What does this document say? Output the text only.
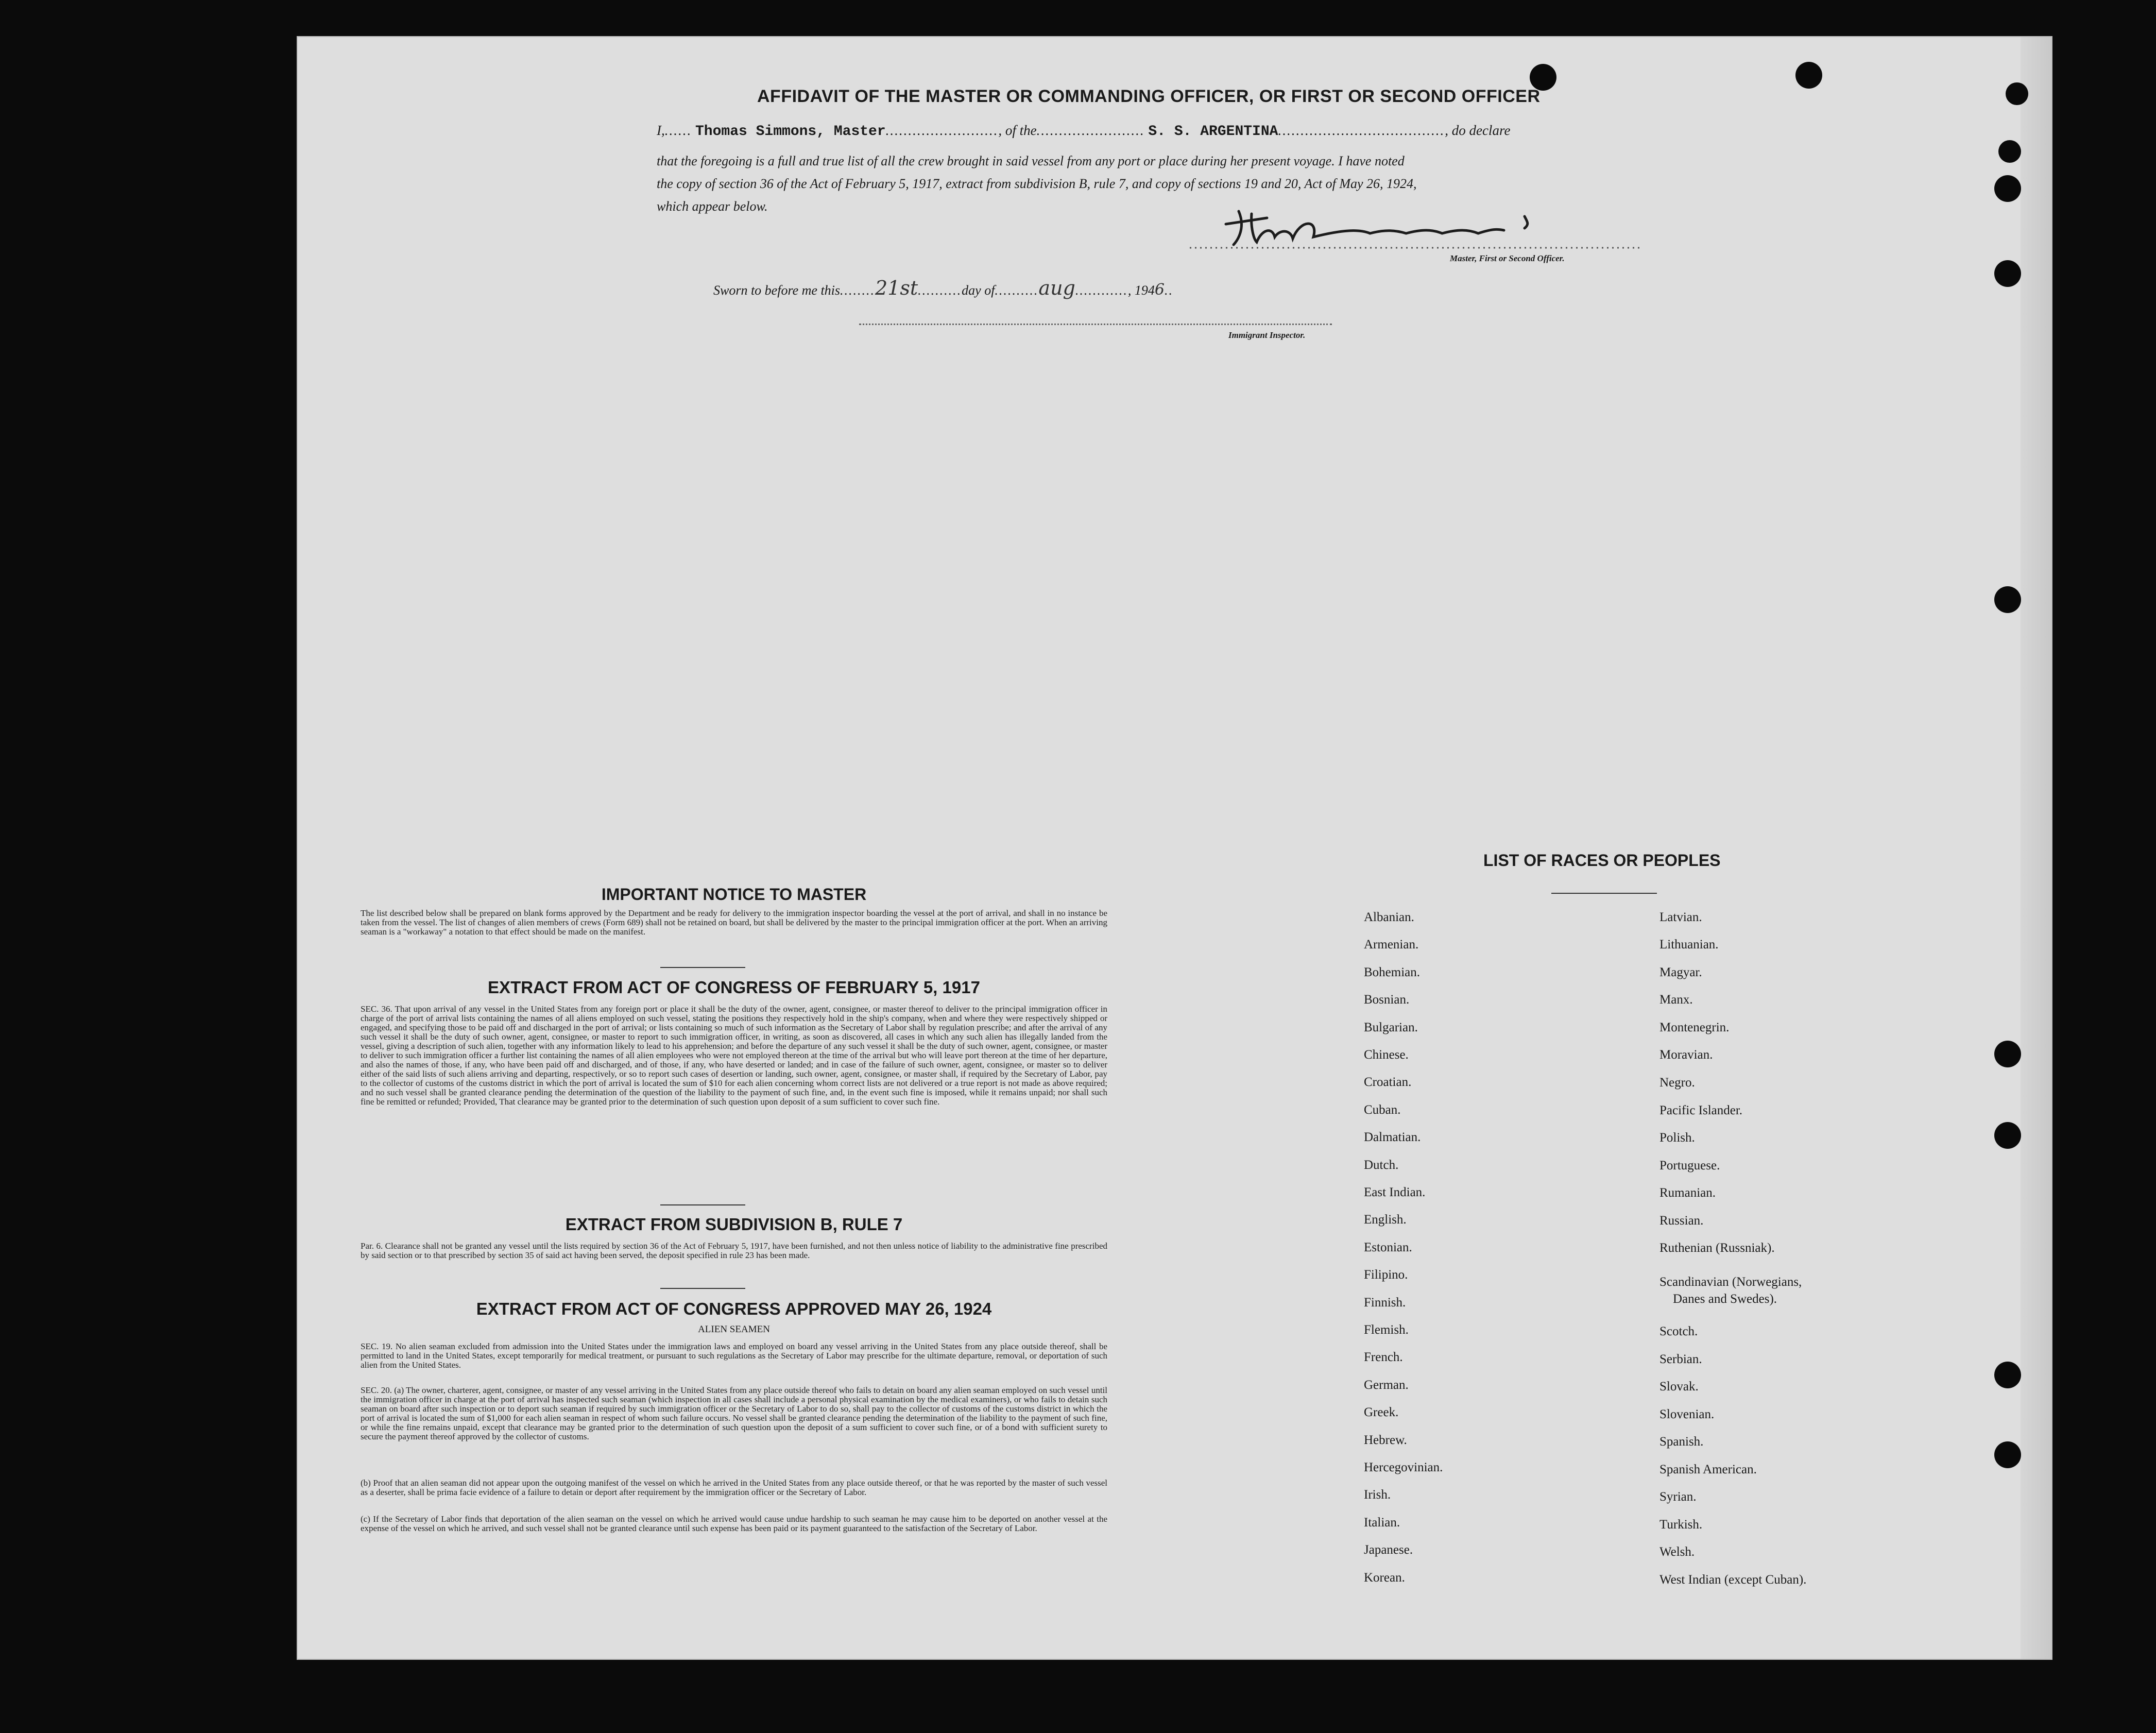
AFFIDAVIT OF THE MASTER OR COMMANDING OFFICER, OR FIRST OR SECOND OFFICER
I,...... Thomas Simmons, Master........................., of the........................ S. S. ARGENTINA....................................., do declare
that the foregoing is a full and true list of all the crew brought in said vessel from any port or place during her present voyage. I have noted
the copy of section 36 of the Act of February 5, 1917, extract from subdivision B, rule 7, and copy of sections 19 and 20, Act of May 26, 1924,
which appear below.
Master, First or Second Officer.
Sworn to before me this........21st..........day of..........aug............, 1946..
Immigrant Inspector.
IMPORTANT NOTICE TO MASTER
The list described below shall be prepared on blank forms approved by the Department and be ready for delivery to the immigration inspector boarding the vessel at the port of arrival, and shall in no instance be taken from the vessel. The list of changes of alien members of crews (Form 689) shall not be retained on board, but shall be delivered by the master to the principal immigration officer at the port. When an arriving seaman is a "workaway" a notation to that effect should be made on the manifest.
EXTRACT FROM ACT OF CONGRESS OF FEBRUARY 5, 1917
SEC. 36. That upon arrival of any vessel in the United States from any foreign port or place it shall be the duty of the owner, agent, consignee, or master thereof to deliver to the principal immigration officer in charge of the port of arrival lists containing the names of all aliens employed on such vessel, stating the positions they respectively hold in the ship's company, when and where they were respectively shipped or engaged, and specifying those to be paid off and discharged in the port of arrival; or lists containing so much of such information as the Secretary of Labor shall by regulation prescribe; and after the arrival of any such vessel it shall be the duty of such owner, agent, consignee, or master to report to such immigration officer, in writing, as soon as discovered, all cases in which any such alien has illegally landed from the vessel, giving a description of such alien, together with any information likely to lead to his apprehension; and before the departure of any such vessel it shall be the duty of such owner, agent, consignee, or master to deliver to such immigration officer a further list containing the names of all alien employees who were not employed thereon at the time of the arrival but who will leave port thereon at the time of her departure, and also the names of those, if any, who have been paid off and discharged, and of those, if any, who have deserted or landed; and in case of the failure of such owner, agent, consignee, or master so to deliver either of the said lists of such aliens arriving and departing, respectively, or so to report such cases of desertion or landing, such owner, agent, consignee, or master shall, if required by the Secretary of Labor, pay to the collector of customs of the customs district in which the port of arrival is located the sum of $10 for each alien concerning whom correct lists are not delivered or a true report is not made as above required; and no such vessel shall be granted clearance pending the determination of the question of the liability to the payment of such fine, and, in the event such fine is imposed, while it remains unpaid; nor shall such fine be remitted or refunded; Provided, That clearance may be granted prior to the determination of such question upon deposit of a sum sufficient to cover such fine.
EXTRACT FROM SUBDIVISION B, RULE 7
Par. 6. Clearance shall not be granted any vessel until the lists required by section 36 of the Act of February 5, 1917, have been furnished, and not then unless notice of liability to the administrative fine prescribed by said section or to that prescribed by section 35 of said act having been served, the deposit specified in rule 23 has been made.
EXTRACT FROM ACT OF CONGRESS APPROVED MAY 26, 1924
ALIEN SEAMEN
SEC. 19. No alien seaman excluded from admission into the United States under the immigration laws and employed on board any vessel arriving in the United States from any place outside thereof, shall be permitted to land in the United States, except temporarily for medical treatment, or pursuant to such regulations as the Secretary of Labor may prescribe for the ultimate departure, removal, or deportation of such alien from the United States.
SEC. 20. (a) The owner, charterer, agent, consignee, or master of any vessel arriving in the United States from any place outside thereof who fails to detain on board any alien seaman employed on such vessel until the immigration officer in charge at the port of arrival has inspected such seaman (which inspection in all cases shall include a personal physical examination by the medical examiners), or who fails to detain such seaman on board after such inspection or to deport such seaman if required by such immigration officer or the Secretary of Labor to do so, shall pay to the collector of customs of the customs district in which the port of arrival is located the sum of $1,000 for each alien seaman in respect of whom such failure occurs. No vessel shall be granted clearance pending the determination of the liability to the payment of such fine, or while the fine remains unpaid, except that clearance may be granted prior to the determination of such question upon the deposit of a sum sufficient to cover such fine, or of a bond with sufficient surety to secure the payment thereof approved by the collector of customs.
(b) Proof that an alien seaman did not appear upon the outgoing manifest of the vessel on which he arrived in the United States from any place outside thereof, or that he was reported by the master of such vessel as a deserter, shall be prima facie evidence of a failure to detain or deport after requirement by the immigration officer or the Secretary of Labor.
(c) If the Secretary of Labor finds that deportation of the alien seaman on the vessel on which he arrived would cause undue hardship to such seaman he may cause him to be deported on another vessel at the expense of the vessel on which he arrived, and such vessel shall not be granted clearance until such expense has been paid or its payment guaranteed to the satisfaction of the Secretary of Labor.
LIST OF RACES OR PEOPLES
Albanian.
Armenian.
Bohemian.
Bosnian.
Bulgarian.
Chinese.
Croatian.
Cuban.
Dalmatian.
Dutch.
East Indian.
English.
Estonian.
Filipino.
Finnish.
Flemish.
French.
German.
Greek.
Hebrew.
Hercegovinian.
Irish.
Italian.
Japanese.
Korean.
Latvian.
Lithuanian.
Magyar.
Manx.
Montenegrin.
Moravian.
Negro.
Pacific Islander.
Polish.
Portuguese.
Rumanian.
Russian.
Ruthenian (Russniak).
Scandinavian (Norwegians,
Danes and Swedes).
Scotch.
Serbian.
Slovak.
Slovenian.
Spanish.
Spanish American.
Syrian.
Turkish.
Welsh.
West Indian (except Cuban).
